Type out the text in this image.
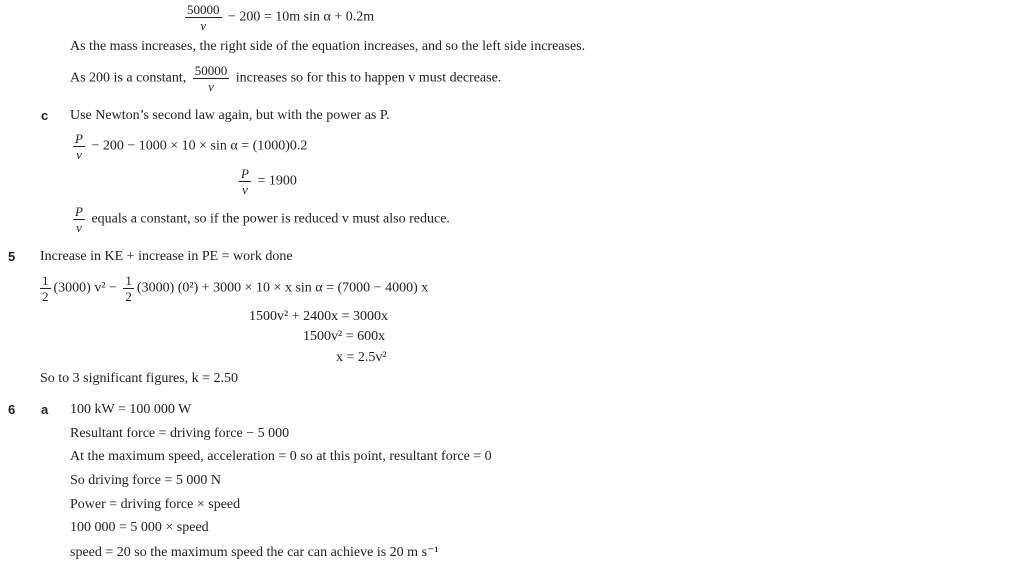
$\frac{50000}{v} - 200 = 10m$ sin α + 0.2m
As the mass increases, the right side of the equation increases, and so the left side increases.
As 200 is a constant, $\frac{50000}{v}$ increases so for this to happen v must decrease.
c Use Newton’s second law again, but with the power as P.
$\frac{P}{v} - 200 - 1000 \times 10 \times \sin \alpha = (1000)0.2$
$\frac{P}{v} = 1900$
$\frac{P}{v}$ equals a constant, so if the power is reduced v must also reduce.
5 Increase in KE + increase in PE = work done
$\frac{1}{2} (3000) v^2 - \frac{1}{2} (3000) (0^2) + 3000 \times 10 \times x$ sin α = (7000 − 4000) x
1500v² + 2400x = 3000x
1500v² = 600x
x = 2.5v²
So to 3 significant figures, k = 2.50
6 a 100 kW = 100 000 W
Resultant force = driving force − 5 000
At the maximum speed, acceleration = 0 so at this point, resultant force = 0
So driving force = 5 000 N
Power = driving force × speed
100 000 = 5 000 × speed
speed = 20 so the maximum speed the car can achieve is 20 m s⁻¹
